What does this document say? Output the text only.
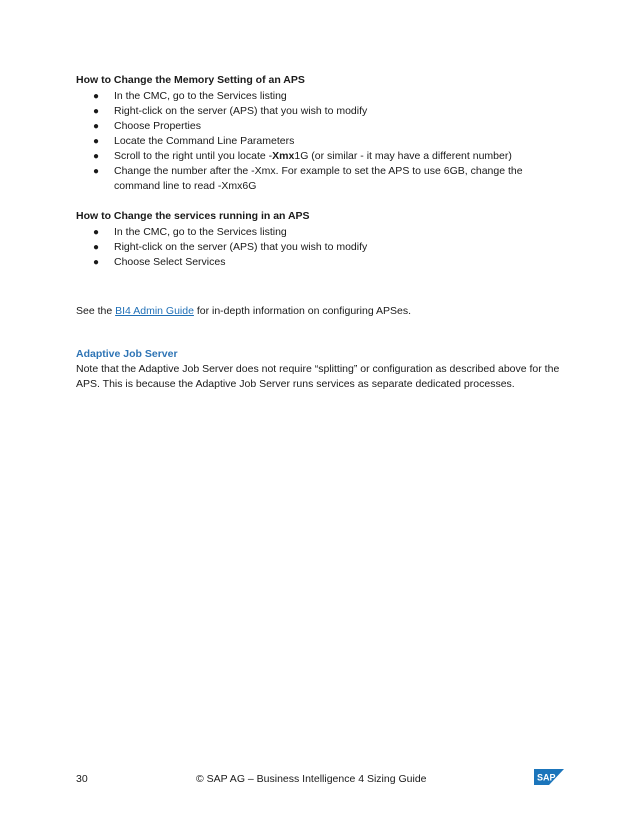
How to Change the Memory Setting of an APS
● In the CMC, go to the Services listing
● Right-click on the server (APS) that you wish to modify
● Choose Properties
● Locate the Command Line Parameters
● Scroll to the right until you locate -Xmx1G (or similar - it may have a different number)
● Change the number after the -Xmx. For example to set the APS to use 6GB, change the command line to read -Xmx6G
How to Change the services running in an APS
● In the CMC, go to the Services listing
● Right-click on the server (APS) that you wish to modify
● Choose Select Services
See the BI4 Admin Guide for in-depth information on configuring APSes.
Adaptive Job Server
Note that the Adaptive Job Server does not require “splitting” or configuration as described above for the APS. This is because the Adaptive Job Server runs services as separate dedicated processes.
30	© SAP AG – Business Intelligence 4 Sizing Guide	SAP
